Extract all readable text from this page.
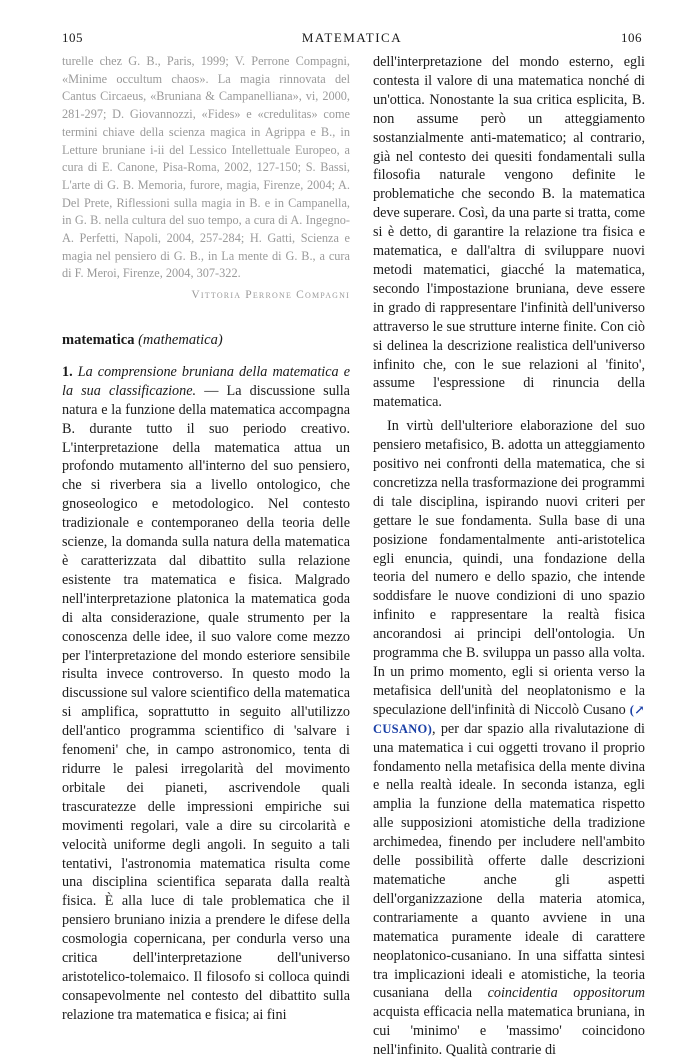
105	MATEMATICA	106

turelle chez G. B., Paris, 1999; V. Perrone Compagni, «Minime occultum chaos». La magia rinnovata del Cantus Circaeus, «Bruniana & Campanelliana», vi, 2000, 281-297; D. Giovannozzi, «Fides» e «credulitas» come termini chiave della scienza magica in Agrippa e B., in Letture bruniane i-ii del Lessico Intellettuale Europeo, a cura di E. Canone, Pisa-Roma, 2002, 127-150; S. Bassi, L'arte di G. B. Memoria, furore, magia, Firenze, 2004; A. Del Prete, Riflessioni sulla magia in B. e in Campanella, in G. B. nella cultura del suo tempo, a cura di A. Ingegno-A. Perfetti, Napoli, 2004, 257-284; H. Gatti, Scienza e magia nel pensiero di G. B., in La mente di G. B., a cura di F. Meroi, Firenze, 2004, 307-322.

Vittoria Perrone Compagni
matematica (mathematica)

1. La comprensione bruniana della matematica e la sua classificazione. — La discussione sulla natura e la funzione della matematica accompagna B. durante tutto il suo periodo creativo. L'interpretazione della matematica attua un profondo mutamento all'interno del suo pensiero, che si riverbera sia a livello ontologico, che gnoseologico e metodologico. Nel contesto tradizionale e contemporaneo della teoria delle scienze, la domanda sulla natura della matematica è caratterizzata dal dibattito sulla relazione esistente tra matematica e fisica. Malgrado nell'interpretazione platonica la matematica goda di alta considerazione, quale strumento per la conoscenza delle idee, il suo valore come mezzo per l'interpretazione del mondo esteriore sensibile risulta invece controverso. In questo modo la discussione sul valore scientifico della matematica si amplifica, soprattutto in seguito all'utilizzo dell'antico programma scientifico di 'salvare i fenomeni' che, in campo astronomico, tenta di ridurre le palesi irregolarità del movimento orbitale dei pianeti, ascrivendole quali trascuratezze delle impressioni empiriche sui movimenti regolari, vale a dire su circolarità e velocità uniforme degli angoli. In seguito a tali tentativi, l'astronomia matematica risulta come una disciplina scientifica separata dalla realtà fisica. È alla luce di tale problematica che il pensiero bruniano inizia a prendere le difese della cosmologia copernicana, per condurla verso una critica dell'interpretazione dell'universo aristotelico-tolemaico. Il filosofo si colloca quindi consapevolmente nel contesto del dibattito sulla relazione tra matematica e fisica; ai fini

dell'interpretazione del mondo esterno, egli contesta il valore di una matematica nonché di un'ottica. Nonostante la sua critica esplicita, B. non assume però un atteggiamento sostanzialmente anti-matematico; al contrario, già nel contesto dei quesiti fondamentali sulla filosofia naturale vengono definite le problematiche che secondo B. la matematica deve superare. Così, da una parte si tratta, come si è detto, di garantire la relazione tra fisica e matematica, e dall'altra di sviluppare nuovi metodi matematici, giacché la matematica, secondo l'impostazione bruniana, deve essere in grado di rappresentare l'infinità dell'universo attraverso le sue strutture interne finite. Con ciò si delinea la descrizione realistica dell'universo infinito che, con le sue relazioni al 'finito', assume l'espressione di rinuncia della matematica.

In virtù dell'ulteriore elaborazione del suo pensiero metafisico, B. adotta un atteggiamento positivo nei confronti della matematica, che si concretizza nella trasformazione dei programmi di tale disciplina, ispirando nuovi criteri per gettare le sue fondamenta. Sulla base di una posizione fondamentalmente anti-aristotelica egli enuncia, quindi, una fondazione della teoria del numero e dello spazio, che intende soddisfare le nuove condizioni di uno spazio infinito e rappresentare la realtà fisica ancorandosi ai principi dell'ontologia. Un programma che B. sviluppa un passo alla volta. In un primo momento, egli si orienta verso la metafisica dell'unità del neoplatonismo e la speculazione dell'infinità di Niccolò Cusano (↗ CUSANO), per dar spazio alla rivalutazione di una matematica i cui oggetti trovano il proprio fondamento nella metafisica della mente divina e nella realtà ideale. In seconda istanza, egli amplia la funzione della matematica rispetto alle supposizioni atomistiche della tradizione archimedea, finendo per includere nell'ambito delle possibilità offerte dalle descrizioni matematiche anche gli aspetti dell'organizzazione della materia atomica, contrariamente a quanto avviene in una matematica puramente ideale di carattere neoplatonico-cusaniano. In una siffatta sintesi tra implicazioni ideali e atomistiche, la teoria cusaniana della coincidentia oppositorum acquista efficacia nella matematica bruniana, in cui 'minimo' e 'massimo' coincidono nell'infinito. Qualità contrarie di
